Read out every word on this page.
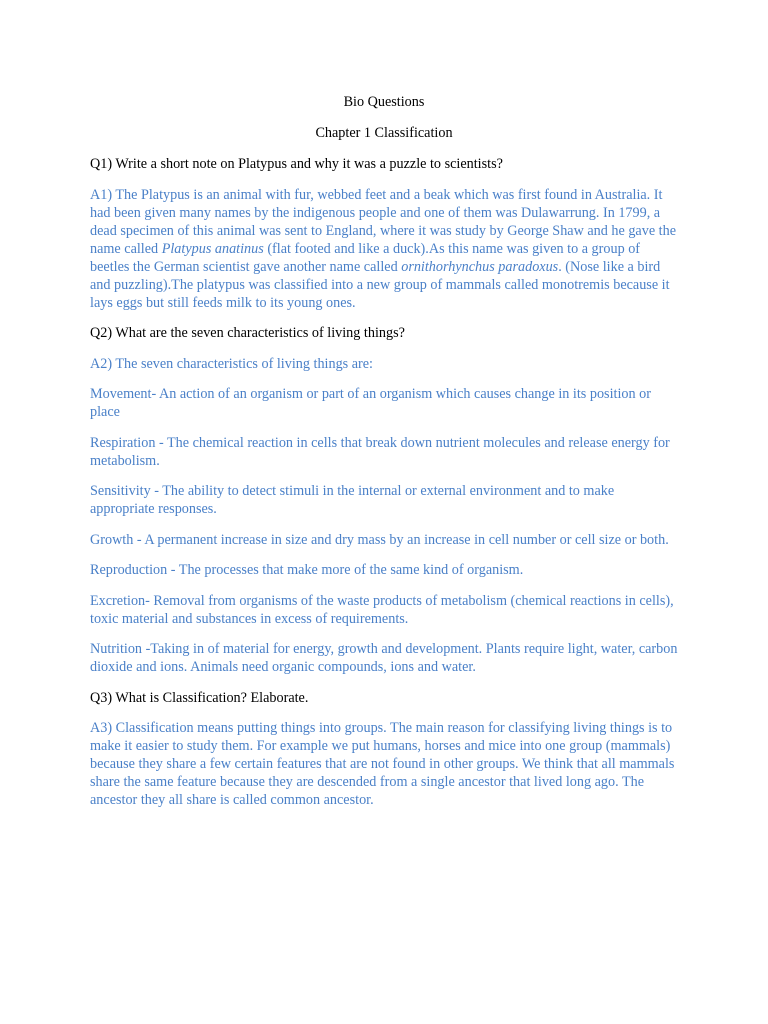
Bio Questions
Chapter 1 Classification

Q1) Write a short note on Platypus and why it was a puzzle to scientists?

A1) The Platypus is an animal with fur, webbed feet and a beak which was first found in Australia. It had been given many names by the indigenous people and one of them was Dulawarrung. In 1799, a dead specimen of this animal was sent to England, where it was study by George Shaw and he gave the name called Platypus anatinus (flat footed and like a duck).As this name was given to a group of beetles the German scientist gave another name called ornithorhynchus paradoxus. (Nose like a bird and puzzling).The platypus was classified into a new group of mammals called monotremis because it lays eggs but still feeds milk to its young ones.

Q2) What are the seven characteristics of living things?

A2) The seven characteristics of living things are:

Movement- An action of an organism or part of an organism which causes change in its position or place

Respiration - The chemical reaction in cells that break down nutrient molecules and release energy for metabolism.

Sensitivity - The ability to detect stimuli in the internal or external environment and to make appropriate responses.

Growth - A permanent increase in size and dry mass by an increase in cell number or cell size or both.

Reproduction - The processes that make more of the same kind of organism.

Excretion- Removal from organisms of the waste products of metabolism (chemical reactions in cells), toxic material and substances in excess of requirements.

Nutrition -Taking in of material for energy, growth and development. Plants require light, water, carbon dioxide and ions. Animals need organic compounds, ions and water.

Q3) What is Classification? Elaborate.

A3) Classification means putting things into groups. The main reason for classifying living things is to make it easier to study them. For example we put humans, horses and mice into one group (mammals) because they share a few certain features that are not found in other groups. We think that all mammals share the same feature because they are descended from a single ancestor that lived long ago. The ancestor they all share is called common ancestor.
